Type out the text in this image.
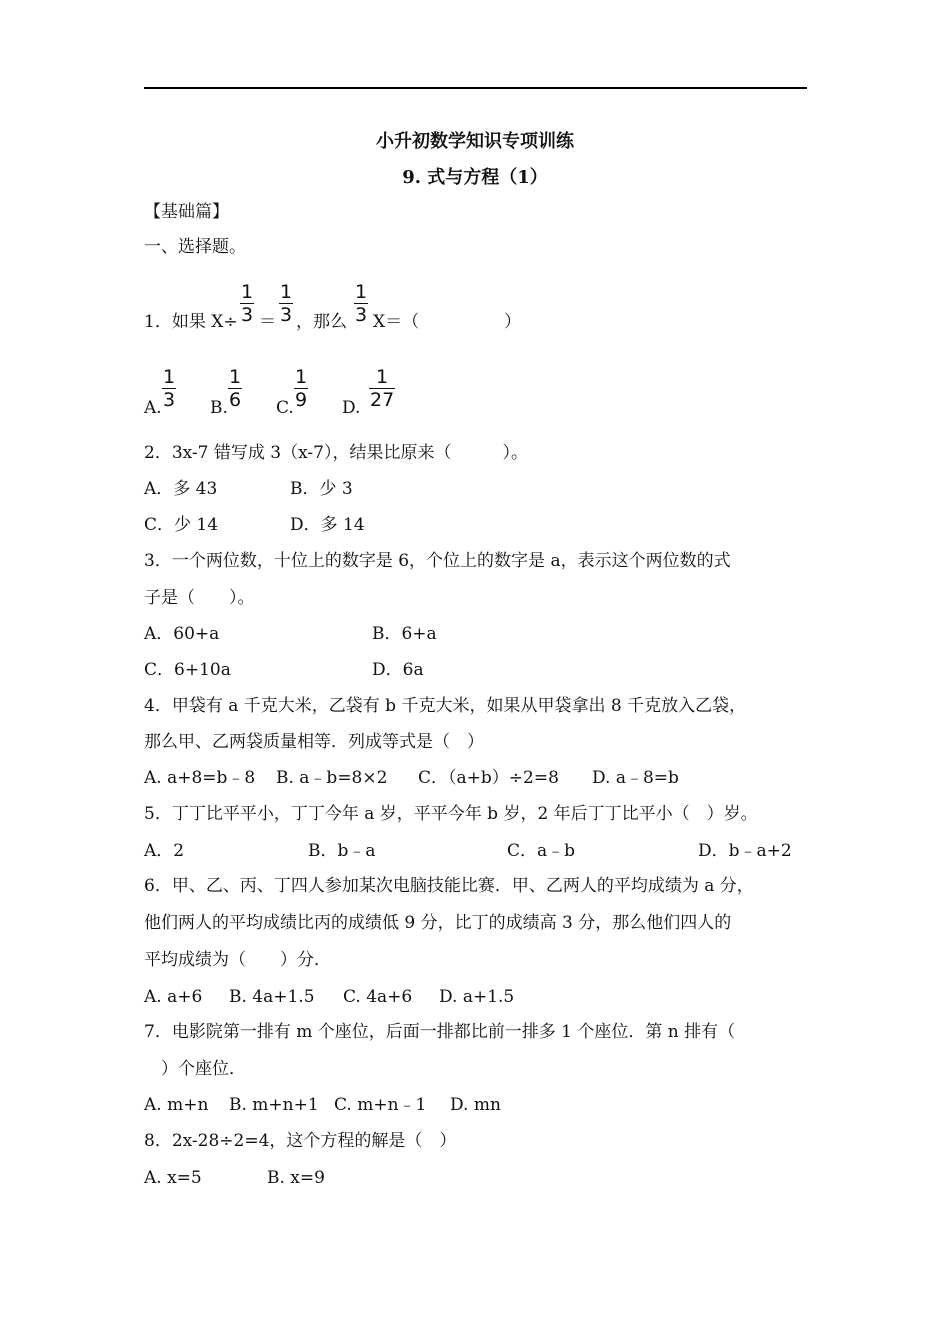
小升初数学知识专项训练
9. 式与方程（1）
【基础篇】
一、选择题。
1．如果 X÷
1
3 ＝
1
3 ，那么
1
3 X＝（　　　　　）
A.
1
3 B.
1
6 C.
1
9 D.
1
27
2．3x-7 错写成 3（x-7），结果比原来（　　　）。
A．多 43	B．少 3
C．少 14	D．多 14
3．一个两位数，十位上的数字是 6，个位上的数字是 a，表示这个两位数的式
子是（　　）。
A．60+a	B．6+a
C．6+10a	D．6a
4．甲袋有 a 千克大米，乙袋有 b 千克大米，如果从甲袋拿出 8 千克放入乙袋，
那么甲、乙两袋质量相等．列成等式是（　）
A. a+8=b﹣8 B. a﹣b=8×2 C．（a+b）÷2=8 D. a﹣8=b
5．丁丁比平平小，丁丁今年 a 岁，平平今年 b 岁，2 年后丁丁比平小（　）岁。
A．2	B．b﹣a	C．a﹣b	D．b﹣a+2
6．甲、乙、丙、丁四人参加某次电脑技能比赛．甲、乙两人的平均成绩为 a 分，
他们两人的平均成绩比丙的成绩低 9 分，比丁的成绩高 3 分，那么他们四人的
平均成绩为（　　）分．
A. a+6 B. 4a+1.5 C. 4a+6 D. a+1.5
7．电影院第一排有 m 个座位，后面一排都比前一排多 1 个座位．第 n 排有（
　）个座位．
A. m+n B. m+n+1 C. m+n﹣1 D. mn
8．2x-28÷2=4，这个方程的解是（　）
A. x=5	B. x=9
